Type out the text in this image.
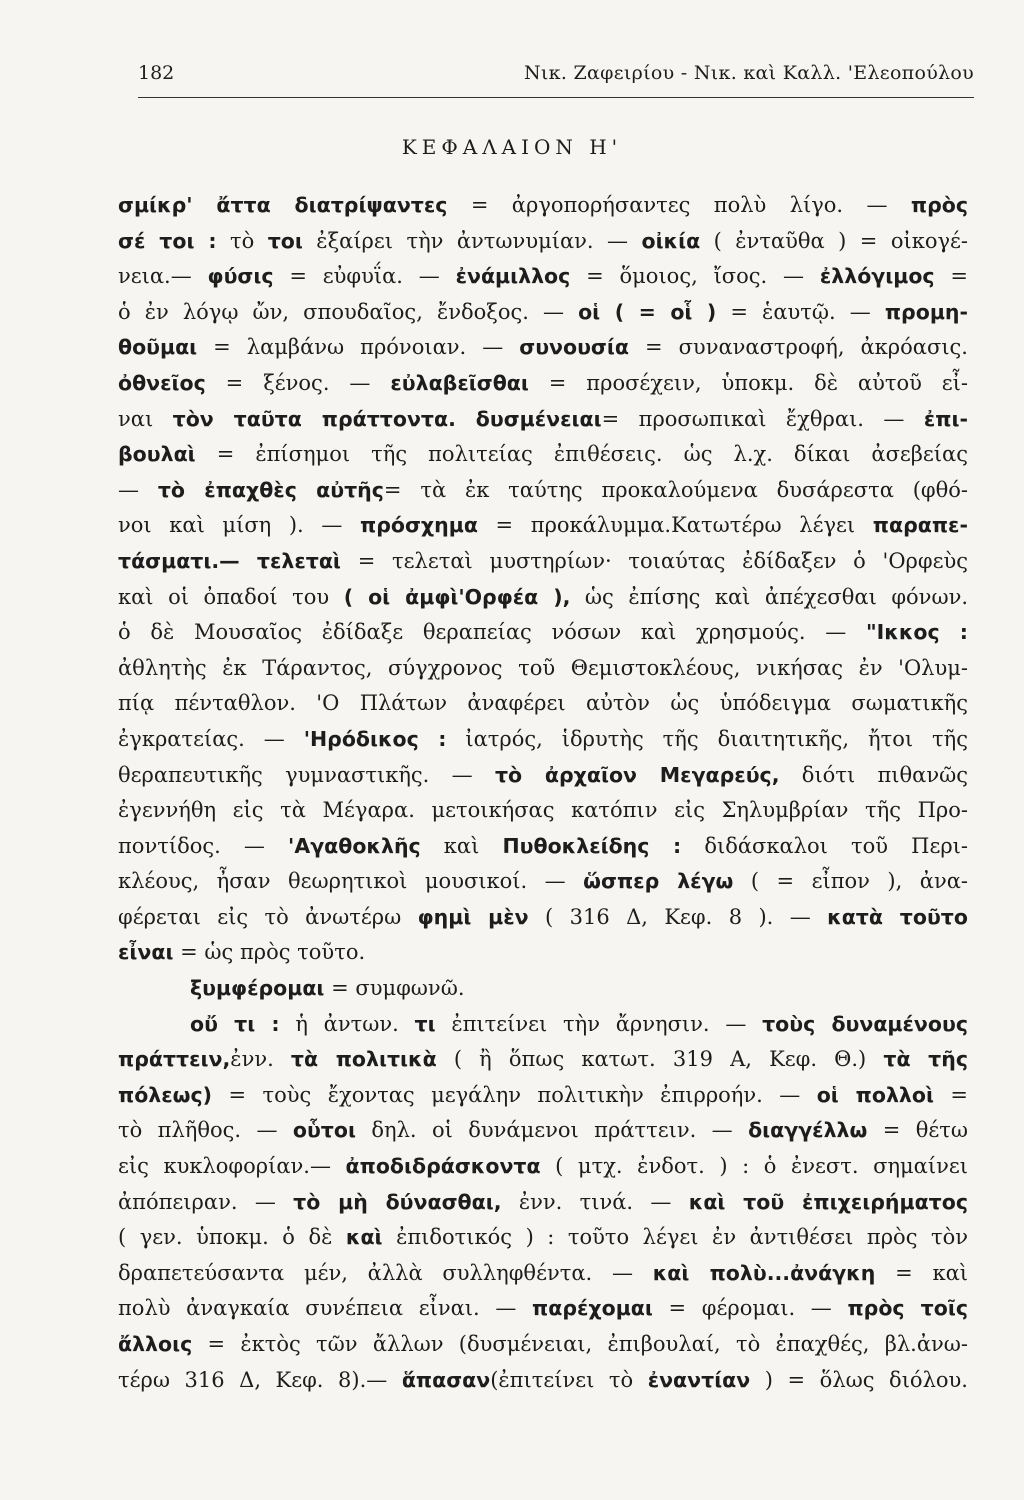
182	Νικ. Ζαφειρίου - Νικ. καὶ Καλλ. 'Ελεοπούλου
ΚΕΦΑΛΑΙΟΝ Η'
σμίκρ' ἄττα διατρίψαντες = ἀργοπορήσαντες πολὺ λίγο. — πρὸς
σέ τοι : τὸ τοι ἐξαίρει τὴν ἀντωνυμίαν. — οἰκία ( ἐνταῦθα ) = οἰκογέ-
νεια.— φύσις = εὐφυΐα. — ἐνάμιλλος = ὅμοιος, ἴσος. — ἐλλόγιμος =
ὁ ἐν λόγῳ ὤν, σπουδαῖος, ἔνδοξος. — οἱ ( = οἷ ) = ἑαυτῷ. — προμη-
θοῦμαι = λαμβάνω πρόνοιαν. — συνουσία = συναναστροφή, ἀκρόασις.
ὀθνεῖος = ξένος. — εὐλαβεῖσθαι = προσέχειν, ὑποκμ. δὲ αὐτοῦ εἶ-
ναι τὸν ταῦτα πράττοντα. δυσμένειαι= προσωπικαὶ ἔχθραι. — ἐπι-
βουλαὶ = ἐπίσημοι τῆς πολιτείας ἐπιθέσεις. ὡς λ.χ. δίκαι ἀσεβείας
— τὸ ἐπαχθὲς αὐτῆς= τὰ ἐκ ταύτης προκαλούμενα δυσάρεστα (φθό-
νοι καὶ μίση ). — πρόσχημα = προκάλυμμα.Κατωτέρω λέγει παραπε-
τάσματι.— τελεταὶ = τελεταὶ μυστηρίων· τοιαύτας ἐδίδαξεν ὁ 'Ορφεὺς
καὶ οἱ ὀπαδοί του ( οἱ ἀμφὶ'Ορφέα ), ὡς ἐπίσης καὶ ἀπέχεσθαι φόνων.
ὁ δὲ Μουσαῖος ἐδίδαξε θεραπείας νόσων καὶ χρησμούς. — "Ικκος :
ἀθλητὴς ἐκ Τάραντος, σύγχρονος τοῦ Θεμιστοκλέους, νικήσας ἐν 'Ολυμ-
πίᾳ πένταθλον. 'Ο Πλάτων ἀναφέρει αὐτὸν ὡς ὑπόδειγμα σωματικῆς
ἐγκρατείας. — 'Ηρόδικος : ἰατρός, ἱδρυτὴς τῆς διαιτητικῆς, ἤτοι τῆς
θεραπευτικῆς γυμναστικῆς. — τὸ ἀρχαῖον Μεγαρεύς, διότι πιθανῶς
ἐγεννήθη εἰς τὰ Μέγαρα. μετοικήσας κατόπιν εἰς Σηλυμβρίαν τῆς Προ-
ποντίδος. — 'Αγαθοκλῆς καὶ Πυθοκλείδης : διδάσκαλοι τοῦ Περι-
κλέους, ἦσαν θεωρητικοὶ μουσικοί. — ὥσπερ λέγω ( = εἶπον ), ἀνα-
φέρεται εἰς τὸ ἀνωτέρω φημὶ μὲν ( 316 Δ, Κεφ. 8 ). — κατὰ τοῦτο
εἶναι = ὡς πρὸς τοῦτο.
ξυμφέρομαι = συμφωνῶ.
οὔ τι : ἡ ἀντων. τι ἐπιτείνει τὴν ἄρνησιν. — τοὺς δυναμένους
πράττειν,ἐνν. τὰ πολιτικὰ ( ἢ ὅπως κατωτ. 319 Α, Κεφ. Θ.) τὰ τῆς
πόλεως) = τοὺς ἔχοντας μεγάλην πολιτικὴν ἐπιρροήν. — οἱ πολλοὶ =
τὸ πλῆθος. — οὗτοι δηλ. οἱ δυνάμενοι πράττειν. — διαγγέλλω = θέτω
εἰς κυκλοφορίαν.— ἀποδιδράσκοντα ( μτχ. ἐνδοτ. ) : ὁ ἐνεστ. σημαίνει
ἀπόπειραν. — τὸ μὴ δύνασθαι, ἐνν. τινά. — καὶ τοῦ ἐπιχειρήματος
( γεν. ὑποκμ. ὁ δὲ καὶ ἐπιδοτικός ) : τοῦτο λέγει ἐν ἀντιθέσει πρὸς τὸν
δραπετεύσαντα μέν, ἀλλὰ συλληφθέντα. — καὶ πολὺ...ἀνάγκη = καὶ
πολὺ ἀναγκαία συνέπεια εἶναι. — παρέχομαι = φέρομαι. — πρὸς τοῖς
ἄλλοις = ἐκτὸς τῶν ἄλλων (δυσμένειαι, ἐπιβουλαί, τὸ ἐπαχθές, βλ.ἀνω-
τέρω 316 Δ, Κεφ. 8).— ἅπασαν(ἐπιτείνει τὸ ἐναντίαν ) = ὅλως διόλου.
